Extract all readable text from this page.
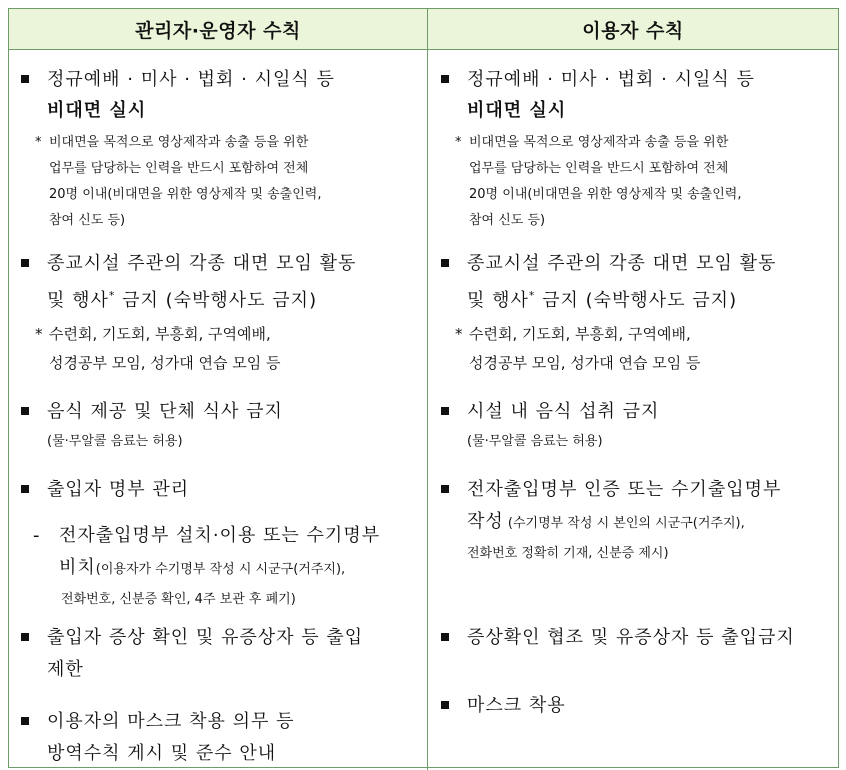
관리자·운영자 수칙	이용자 수칙
정규예배 · 미사 · 법회 · 시일식 등
비대면 실시
* 비대면을 목적으로 영상제작과 송출 등을 위한
업무를 담당하는 인력을 반드시 포함하여 전체
20명 이내(비대면을 위한 영상제작 및 송출인력,
참여 신도 등)
종교시설 주관의 각종 대면 모임 활동
및 행사* 금지 (숙박행사도 금지)
* 수련회, 기도회, 부흥회, 구역예배,
성경공부 모임, 성가대 연습 모임 등
음식 제공 및 단체 식사 금지
(물·무알콜 음료는 허용)
출입자 명부 관리
- 전자출입명부 설치·이용 또는 수기명부
비치(이용자가 수기명부 작성 시 시군구(거주지),
전화번호, 신분증 확인, 4주 보관 후 폐기)
출입자 증상 확인 및 유증상자 등 출입
제한
이용자의 마스크 착용 의무 등
방역수칙 게시 및 준수 안내
정규예배 · 미사 · 법회 · 시일식 등
비대면 실시
* 비대면을 목적으로 영상제작과 송출 등을 위한
업무를 담당하는 인력을 반드시 포함하여 전체
20명 이내(비대면을 위한 영상제작 및 송출인력,
참여 신도 등)
종교시설 주관의 각종 대면 모임 활동
및 행사* 금지 (숙박행사도 금지)
* 수련회, 기도회, 부흥회, 구역예배,
성경공부 모임, 성가대 연습 모임 등
시설 내 음식 섭취 금지
(물·무알콜 음료는 허용)
전자출입명부 인증 또는 수기출입명부
작성 (수기명부 작성 시 본인의 시군구(거주지),
전화번호 정확히 기재, 신분증 제시)
증상확인 협조 및 유증상자 등 출입금지
마스크 착용
